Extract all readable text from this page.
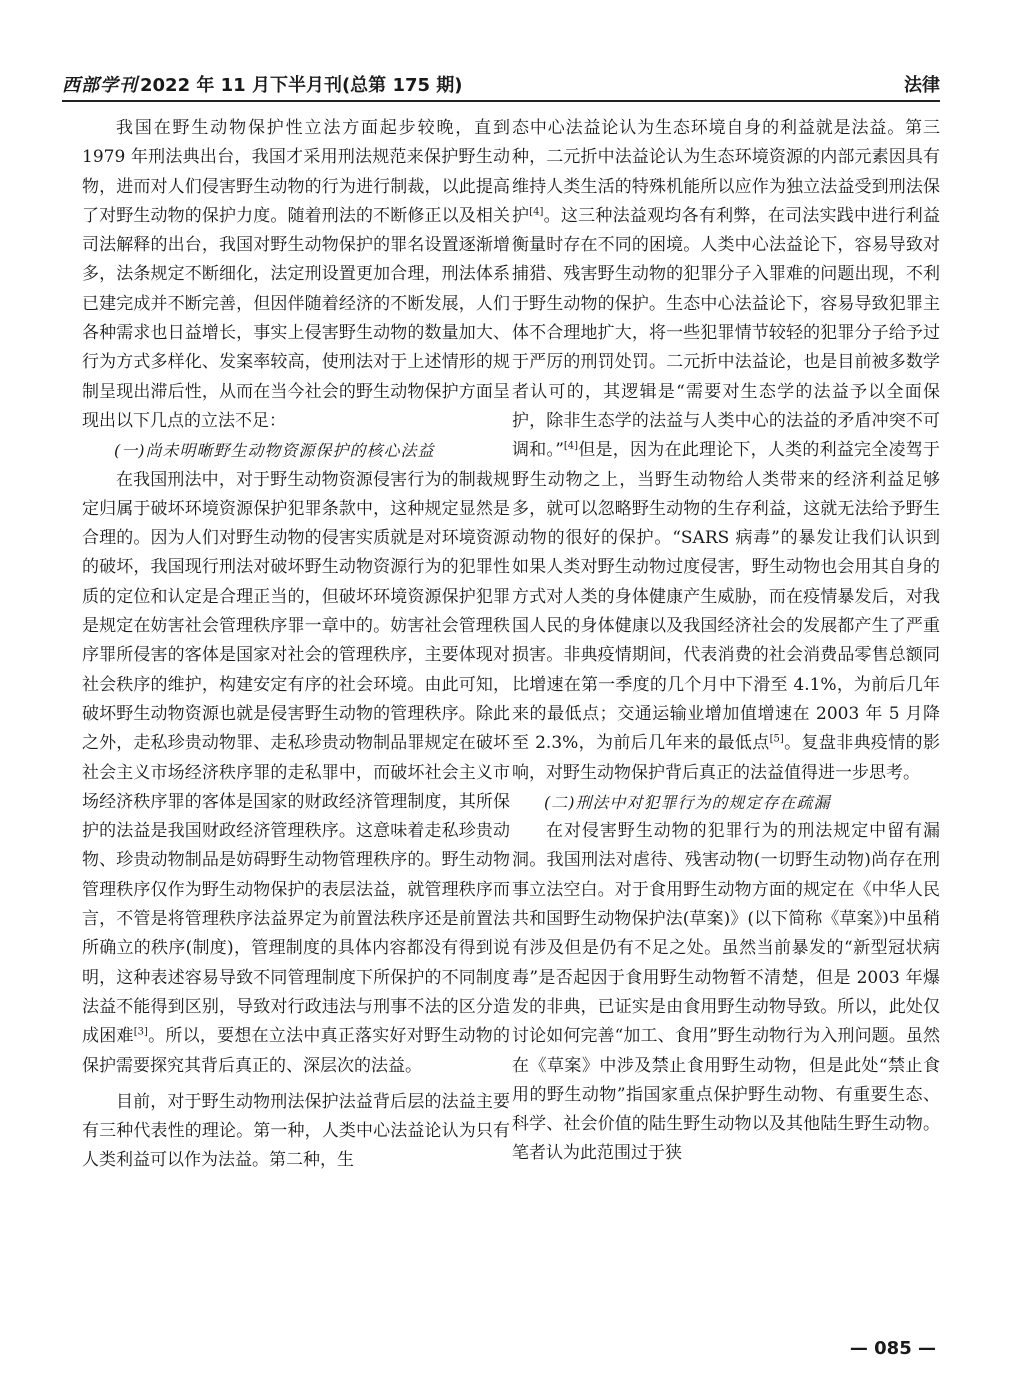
西部学刊 2022 年 11 月下半月刊(总第 175 期)	法律

我国在野生动物保护性立法方面起步较晚，直到 1979 年刑法典出台，我国才采用刑法规范来保护野生动物，进而对人们侵害野生动物的行为进行制裁，以此提高了对野生动物的保护力度。随着刑法的不断修正以及相关司法解释的出台，我国对野生动物保护的罪名设置逐渐增多，法条规定不断细化，法定刑设置更加合理，刑法体系已建完成并不断完善，但因伴随着经济的不断发展，人们各种需求也日益增长，事实上侵害野生动物的数量加大、行为方式多样化、发案率较高，使刑法对于上述情形的规制呈现出滞后性，从而在当今社会的野生动物保护方面呈现出以下几点的立法不足：

(一)尚未明晰野生动物资源保护的核心法益

在我国刑法中，对于野生动物资源侵害行为的制裁规定归属于破坏环境资源保护犯罪条款中，这种规定显然是合理的。因为人们对野生动物的侵害实质就是对环境资源的破坏，我国现行刑法对破坏野生动物资源行为的犯罪性质的定位和认定是合理正当的，但破坏环境资源保护犯罪是规定在妨害社会管理秩序罪一章中的。妨害社会管理秩序罪所侵害的客体是国家对社会的管理秩序，主要体现对社会秩序的维护，构建安定有序的社会环境。由此可知，破坏野生动物资源也就是侵害野生动物的管理秩序。除此之外，走私珍贵动物罪、走私珍贵动物制品罪规定在破坏社会主义市场经济秩序罪的走私罪中，而破坏社会主义市场经济秩序罪的客体是国家的财政经济管理制度，其所保护的法益是我国财政经济管理秩序。这意味着走私珍贵动物、珍贵动物制品是妨碍野生动物管理秩序的。野生动物管理秩序仅作为野生动物保护的表层法益，就管理秩序而言，不管是将管理秩序法益界定为前置法秩序还是前置法所确立的秩序(制度)，管理制度的具体内容都没有得到说明，这种表述容易导致不同管理制度下所保护的不同制度法益不能得到区别，导致对行政违法与刑事不法的区分造成困难[3]。所以，要想在立法中真正落实好对野生动物的保护需要探究其背后真正的、深层次的法益。

目前，对于野生动物刑法保护法益背后层的法益主要有三种代表性的理论。第一种，人类中心法益论认为只有人类利益可以作为法益。第二种，生

态中心法益论认为生态环境自身的利益就是法益。第三种，二元折中法益论认为生态环境资源的内部元素因具有维持人类生活的特殊机能所以应作为独立法益受到刑法保护[4]。这三种法益观均各有利弊，在司法实践中进行利益衡量时存在不同的困境。人类中心法益论下，容易导致对捕猎、残害野生动物的犯罪分子入罪难的问题出现，不利于野生动物的保护。生态中心法益论下，容易导致犯罪主体不合理地扩大，将一些犯罪情节较轻的犯罪分子给予过于严厉的刑罚处罚。二元折中法益论，也是目前被多数学者认可的，其逻辑是“需要对生态学的法益予以全面保护，除非生态学的法益与人类中心的法益的矛盾冲突不可调和。”[4]但是，因为在此理论下，人类的利益完全凌驾于野生动物之上，当野生动物给人类带来的经济利益足够多，就可以忽略野生动物的生存利益，这就无法给予野生动物的很好的保护。“SARS 病毒”的暴发让我们认识到如果人类对野生动物过度侵害，野生动物也会用其自身的方式对人类的身体健康产生威胁，而在疫情暴发后，对我国人民的身体健康以及我国经济社会的发展都产生了严重损害。非典疫情期间，代表消费的社会消费品零售总额同比增速在第一季度的几个月中下滑至 4.1%，为前后几年来的最低点；交通运输业增加值增速在 2003 年 5 月降至 2.3%，为前后几年来的最低点[5]。复盘非典疫情的影响，对野生动物保护背后真正的法益值得进一步思考。

(二)刑法中对犯罪行为的规定存在疏漏

在对侵害野生动物的犯罪行为的刑法规定中留有漏洞。我国刑法对虐待、残害动物(一切野生动物)尚存在刑事立法空白。对于食用野生动物方面的规定在《中华人民共和国野生动物保护法(草案)》(以下简称《草案》)中虽稍有涉及但是仍有不足之处。虽然当前暴发的“新型冠状病毒”是否起因于食用野生动物暂不清楚，但是 2003 年爆发的非典，已证实是由食用野生动物导致。所以，此处仅讨论如何完善“加工、食用”野生动物行为入刑问题。虽然在《草案》中涉及禁止食用野生动物，但是此处“禁止食用的野生动物”指国家重点保护野生动物、有重要生态、科学、社会价值的陆生野生动物以及其他陆生野生动物。笔者认为此范围过于狭

— 085 —
